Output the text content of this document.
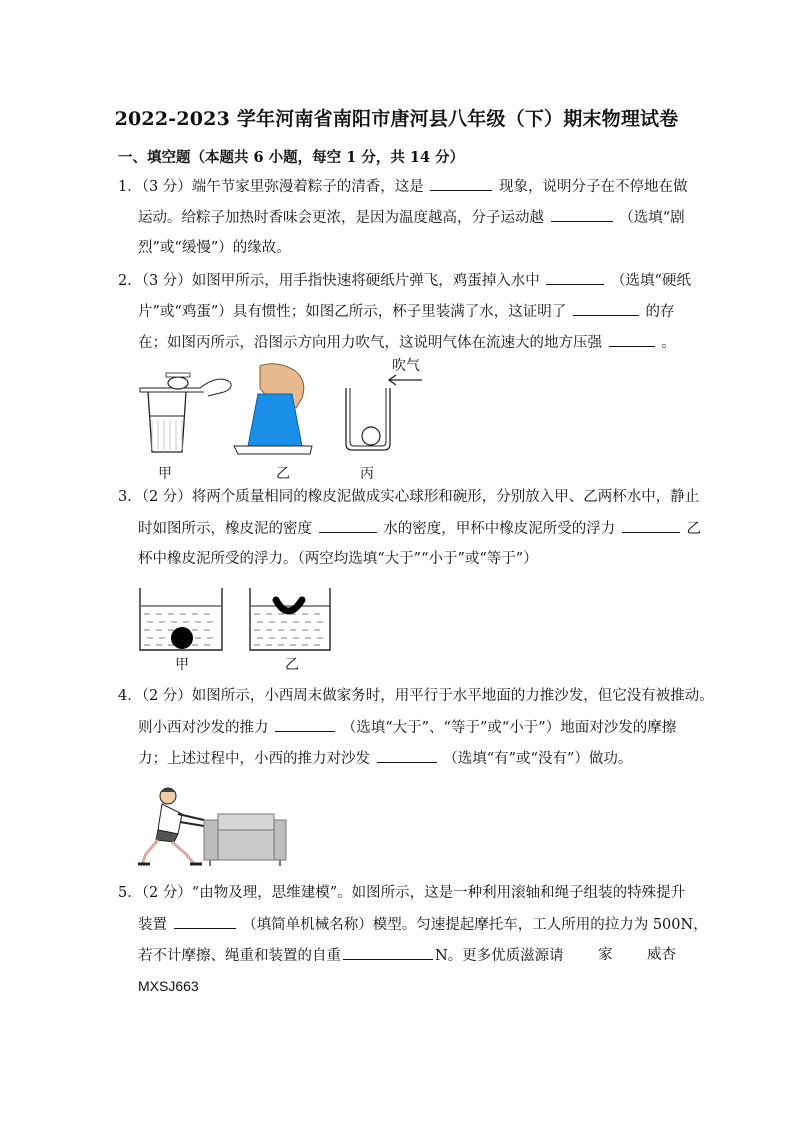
2022-2023 学年河南省南阳市唐河县八年级（下）期末物理试卷
一、填空题（本题共 6 小题，每空 1 分，共 14 分）
1．（3 分）端午节家里弥漫着粽子的清香，这是	现象，说明分子在不停地在做
运动。给粽子加热时香味会更浓，是因为温度越高，分子运动越	（选填“剧
烈”或“缓慢”）的缘故。
2．（3 分）如图甲所示，用手指快速将硬纸片弹飞，鸡蛋掉入水中	（选填“硬纸
片”或“鸡蛋”）具有惯性；如图乙所示，杯子里装满了水，这证明了	的存
在；如图丙所示，沿图示方向用力吹气，这说明气体在流速大的地方压强	。
甲	乙
吹气
丙
3．（2 分）将两个质量相同的橡皮泥做成实心球形和碗形，分别放入甲、乙两杯水中，静止
时如图所示，橡皮泥的密度	水的密度，甲杯中橡皮泥所受的浮力	乙
杯中橡皮泥所受的浮力。（两空均选填“大于”“小于”或“等于”）
甲	乙
4．（2 分）如图所示，小西周末做家务时，用平行于水平地面的力推沙发，但它没有被推动。
则小西对沙发的推力	（选填“大于”、“等于”或“小于”）地面对沙发的摩擦
力；上述过程中，小西的推力对沙发	（选填“有”或“没有”）做功。
5．（2 分）“由物及理，思维建模”。如图所示，这是一种利用滚轴和绳子组装的特殊提升
装置	（填简单机械名称）模型。匀速提起摩托车，工人所用的拉力为 500N，
若不计摩擦、绳重和装置的自重	N。更多优质滋源请 家 威杏
MXSJ663
